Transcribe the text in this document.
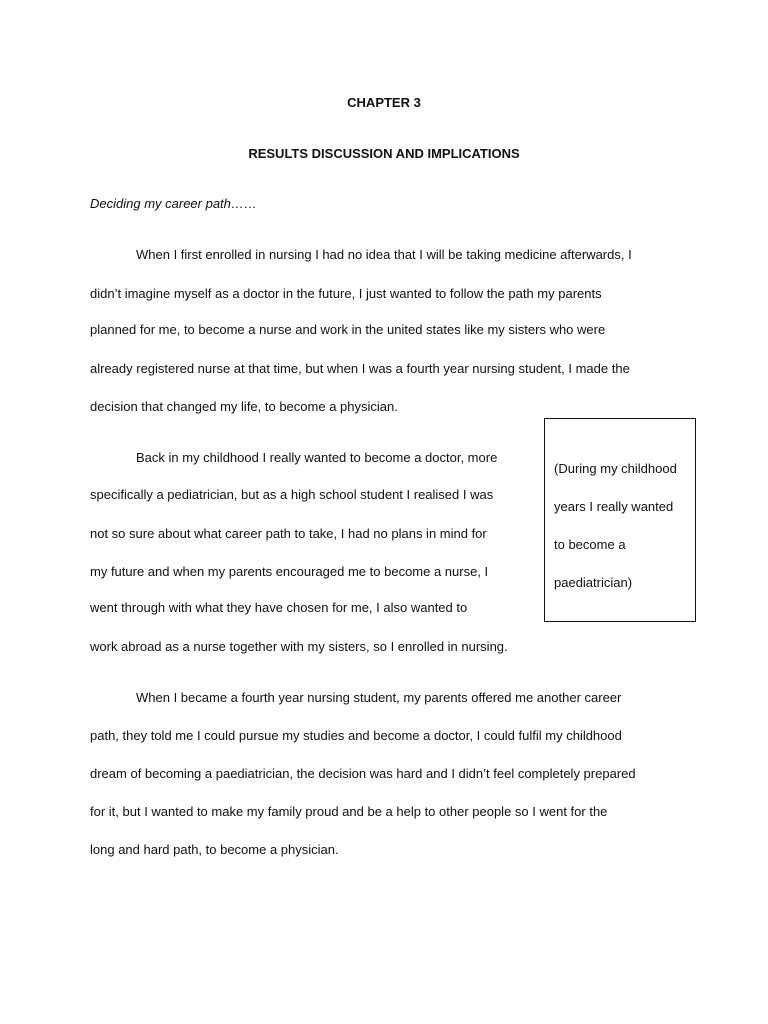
CHAPTER 3
RESULTS DISCUSSION AND IMPLICATIONS
Deciding my career path……
When I first enrolled in nursing I had no idea that I will be taking medicine afterwards, I
didn’t imagine myself as a doctor in the future, I just wanted to follow the path my parents
planned for me, to become a nurse and work in the united states like my sisters who were
already registered nurse at that time, but when I was a fourth year nursing student, I made the
decision that changed my life, to become a physician.
Back in my childhood I really wanted to become a doctor, more
specifically a pediatrician, but as a high school student I realised I was
not so sure about what career path to take, I had no plans in mind for
my future and when my parents encouraged me to become a nurse, I
went through with what they have chosen for me, I also wanted to
work abroad as a nurse together with my sisters, so I enrolled in nursing.
(During my childhood
years I really wanted
to become a
paediatrician)
When I became a fourth year nursing student, my parents offered me another career
path, they told me I could pursue my studies and become a doctor, I could fulfil my childhood
dream of becoming a paediatrician, the decision was hard and I didn’t feel completely prepared
for it, but I wanted to make my family proud and be a help to other people so I went for the
long and hard path, to become a physician.
